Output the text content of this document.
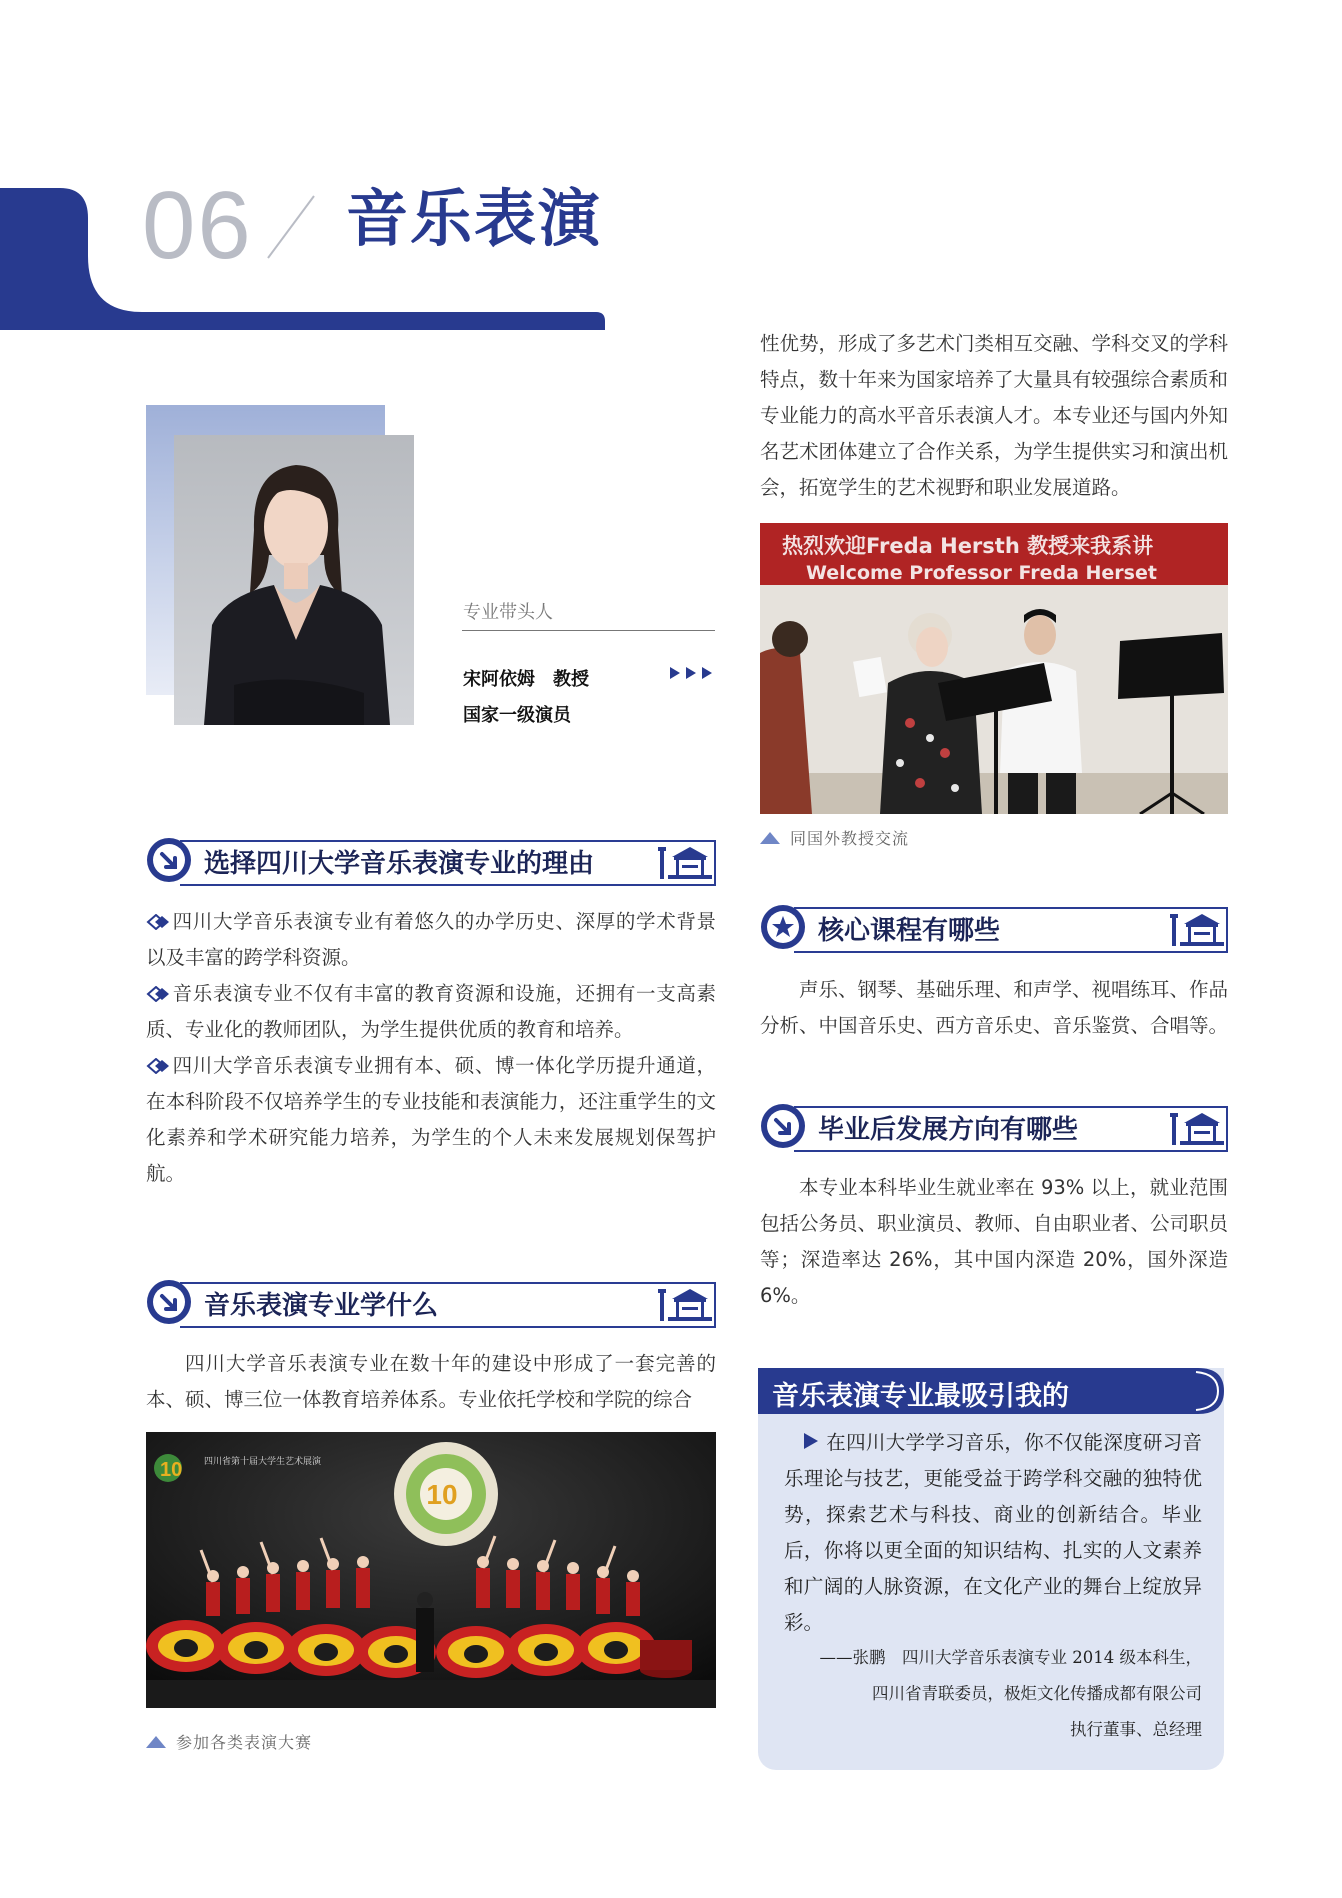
06 音乐表演
专业带头人
宋阿依姆　教授
国家一级演员
选择四川大学音乐表演专业的理由
四川大学音乐表演专业有着悠久的办学历史、深厚的学术背景以及丰富的跨学科资源。
音乐表演专业不仅有丰富的教育资源和设施，还拥有一支高素质、专业化的教师团队，为学生提供优质的教育和培养。
四川大学音乐表演专业拥有本、硕、博一体化学历提升通道，在本科阶段不仅培养学生的专业技能和表演能力，还注重学生的文化素养和学术研究能力培养，为学生的个人未来发展规划保驾护航。
音乐表演专业学什么
四川大学音乐表演专业在数十年的建设中形成了一套完善的本、硕、博三位一体教育培养体系。专业依托学校和学院的综合
10
10 四川省第十届大学生艺术展演
参加各类表演大赛
性优势，形成了多艺术门类相互交融、学科交叉的学科特点，数十年来为国家培养了大量具有较强综合素质和专业能力的高水平音乐表演人才。本专业还与国内外知名艺术团体建立了合作关系，为学生提供实习和演出机会，拓宽学生的艺术视野和职业发展道路。
热烈欢迎Freda Hersth 教授来我系讲
Welcome Professor Freda Herset
同国外教授交流
核心课程有哪些
声乐、钢琴、基础乐理、和声学、视唱练耳、作品分析、中国音乐史、西方音乐史、音乐鉴赏、合唱等。
毕业后发展方向有哪些
本专业本科毕业生就业率在 93% 以上，就业范围包括公务员、职业演员、教师、自由职业者、公司职员等；深造率达 26%，其中国内深造 20%，国外深造 6%。
音乐表演专业最吸引我的
在四川大学学习音乐，你不仅能深度研习音乐理论与技艺，更能受益于跨学科交融的独特优势，探索艺术与科技、商业的创新结合。毕业后，你将以更全面的知识结构、扎实的人文素养和广阔的人脉资源，在文化产业的舞台上绽放异彩。
——张鹏　四川大学音乐表演专业 2014 级本科生，
四川省青联委员，极炬文化传播成都有限公司
执行董事、总经理
